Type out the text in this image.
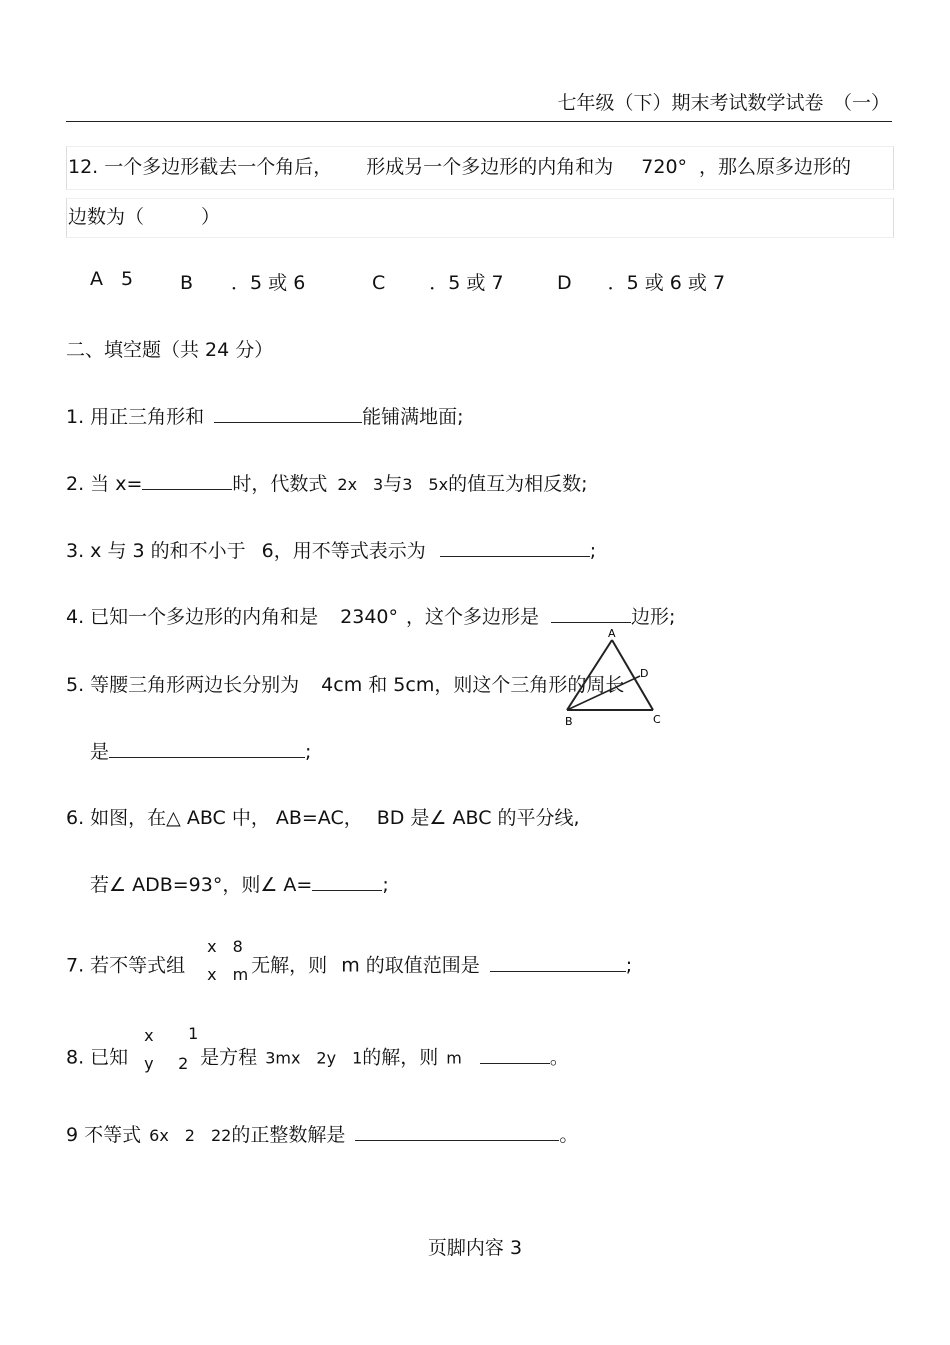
七年级（下）期末考试数学试卷　（一）
12. 一个多边形截去一个角后， 形成另一个多边形的内角和为 720° ，那么原多边形的
边数为（　　　）
A 5 B ．5 或 6	C ．5 或 7	D ．5 或 6 或 7
二、填空题（共 24 分）
1. 用正三角形和	能铺满地面;
2. 当 x=	时，代数式 2x　3与3　5x的值互为相反数;
3. x 与 3 的和不小于 6，用不等式表示为	;
4. 已知一个多边形的内角和是 2340° ，这个多边形是	边形;
5. 等腰三角形两边长分别为 4cm 和 5cm，则这个三角形的周长
是	;
A
B	C
D
6. 如图，在△ ABC 中， AB=AC， BD 是∠ ABC 的平分线,
若∠ ADB=93°，则∠ A=	;
7. 若不等式组
x　8
x　m 无解，则 m 的取值范围是	;
8. 已知
x 1
y 2 是方程 3mx　2y　1的解，则 m	。
9 不等式 6x　2　22的正整数解是	。
页脚内容 3
